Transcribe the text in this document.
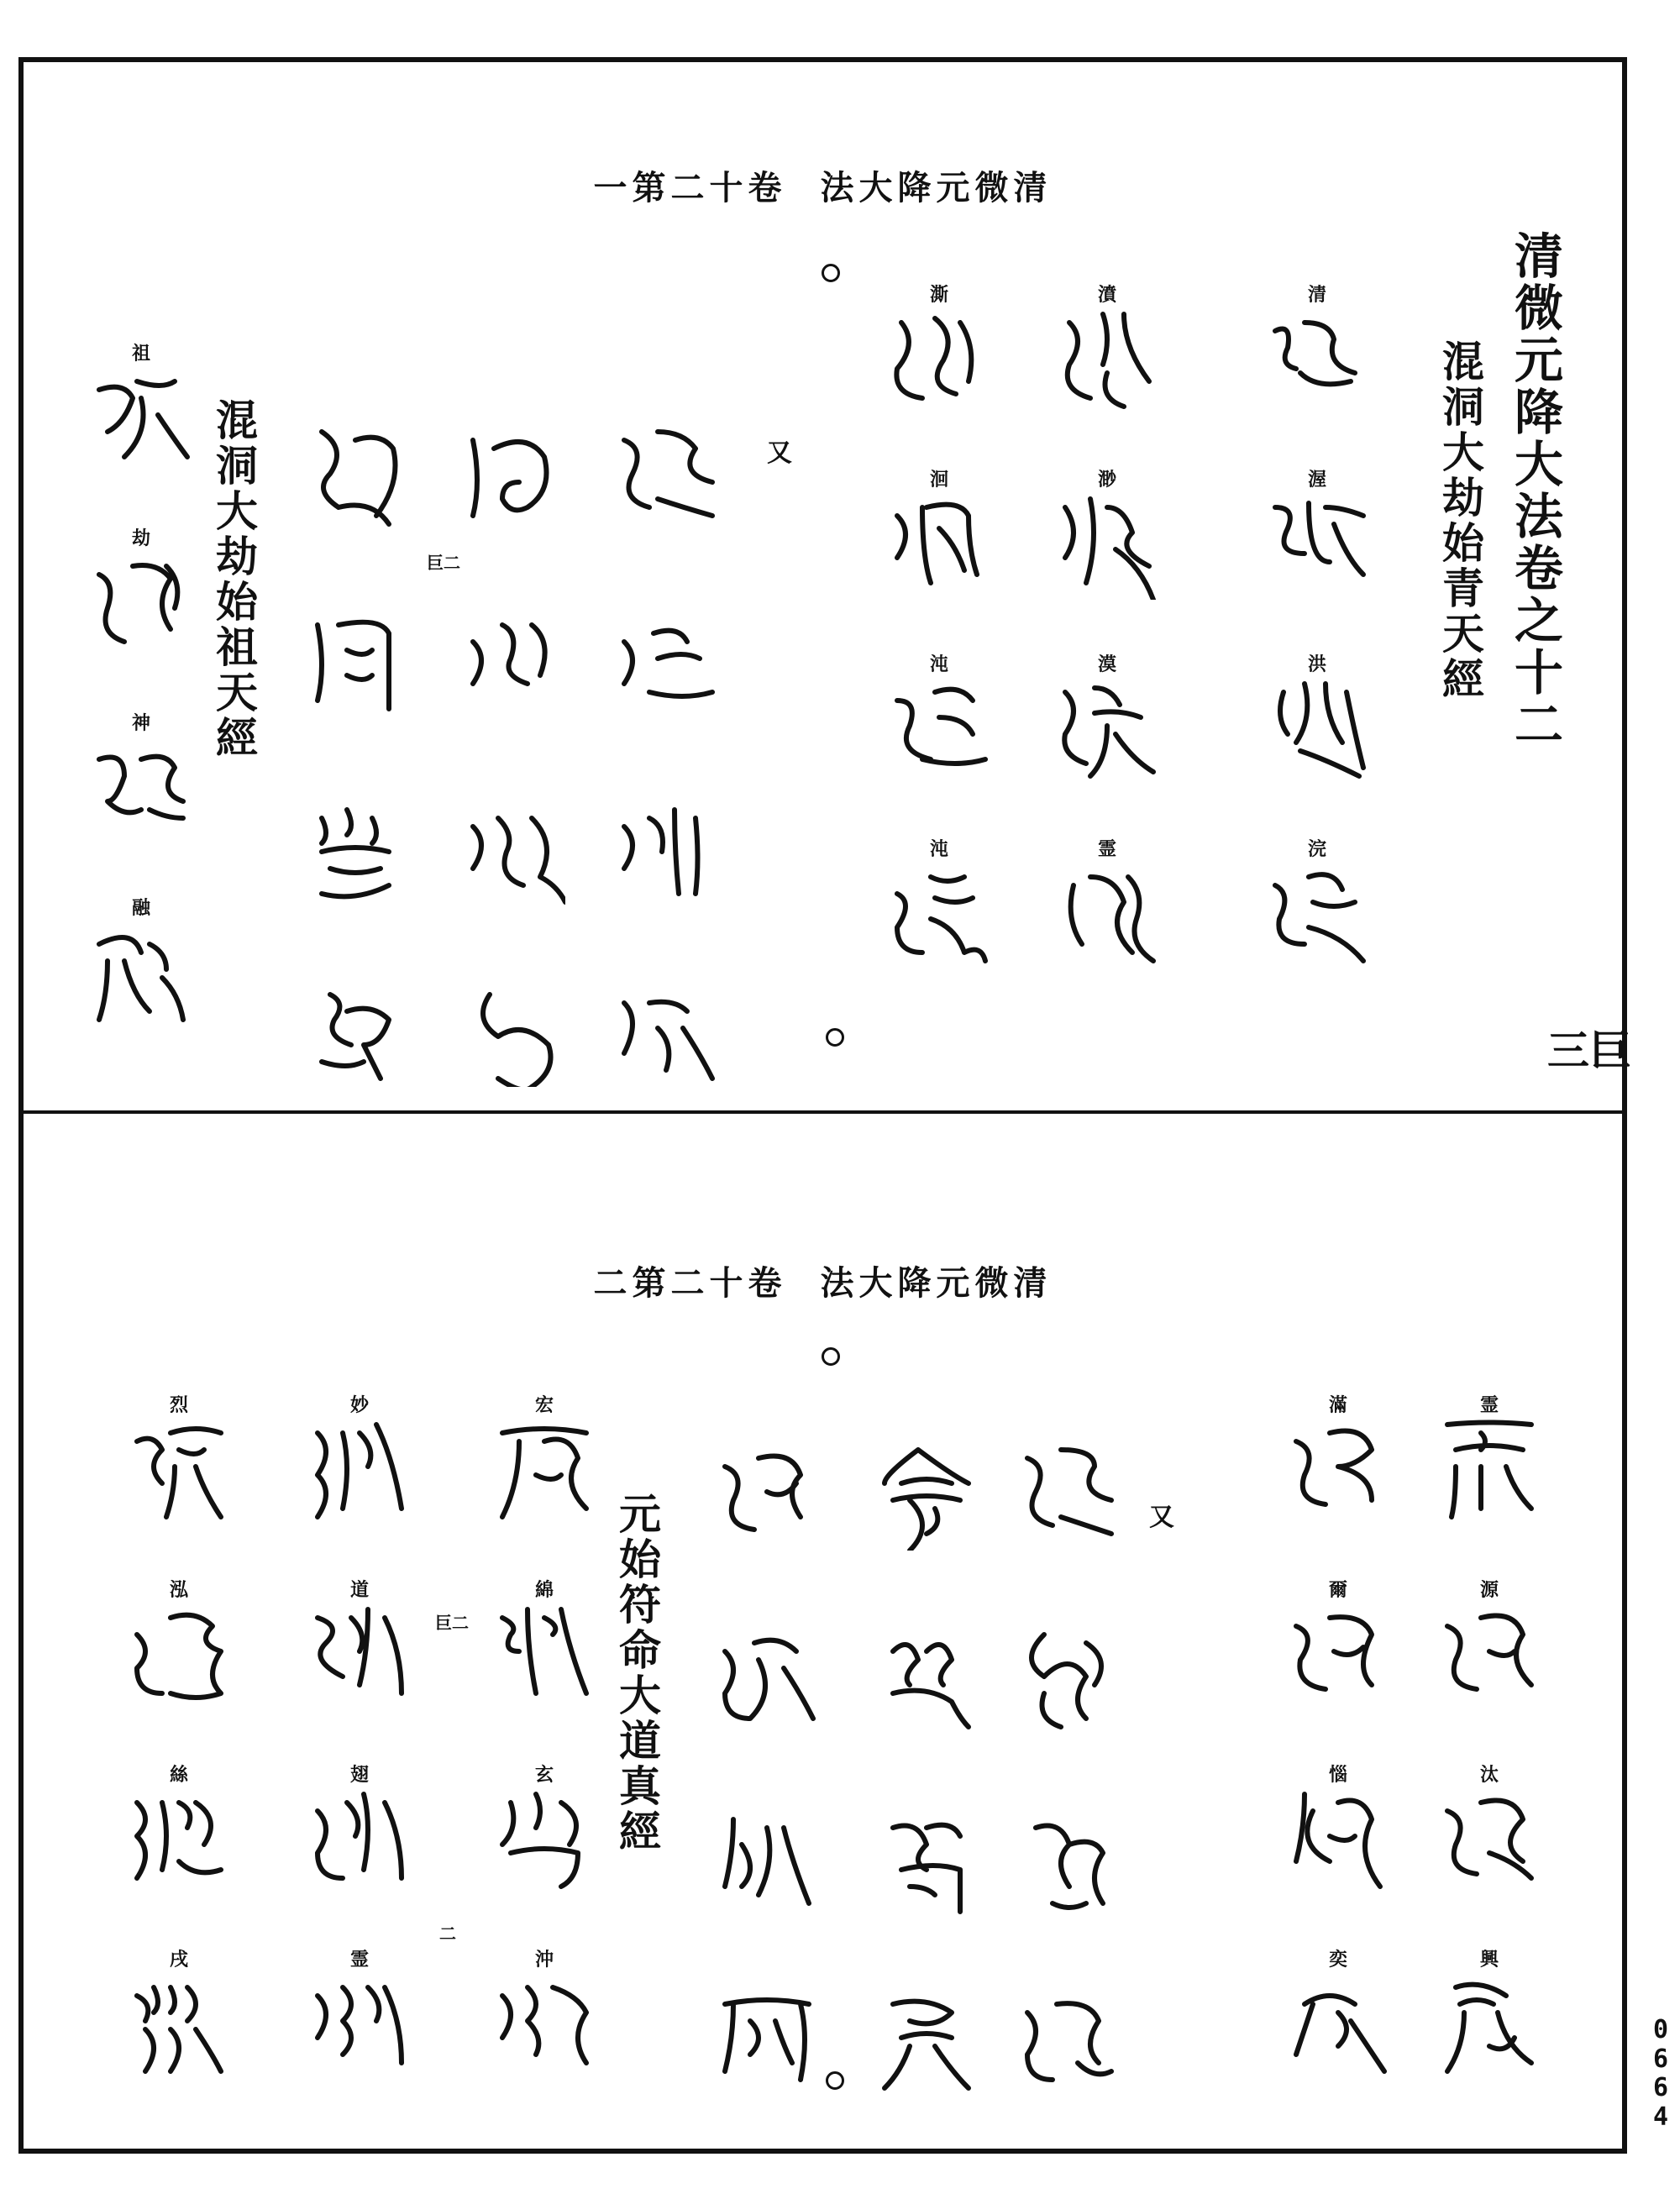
一第二十卷 法大降元微清
清微元降大法卷之十二
混洞大劫始青天經
混洞大劫始祖天經
巨三
巨二
又
清
渥
洪
浣
濆
渺
漠
霊
澌
洄
沌
沌
祖
劫
神
融
二第二十卷 法大降元微清
元始符命大道真經
巨二
二
又
霊
源
汰
興
滿
爾
惱
奕
宏
綿
玄
沖
妙
道
翅
霊
烈
泓
絲
戌
0
6
6
4
